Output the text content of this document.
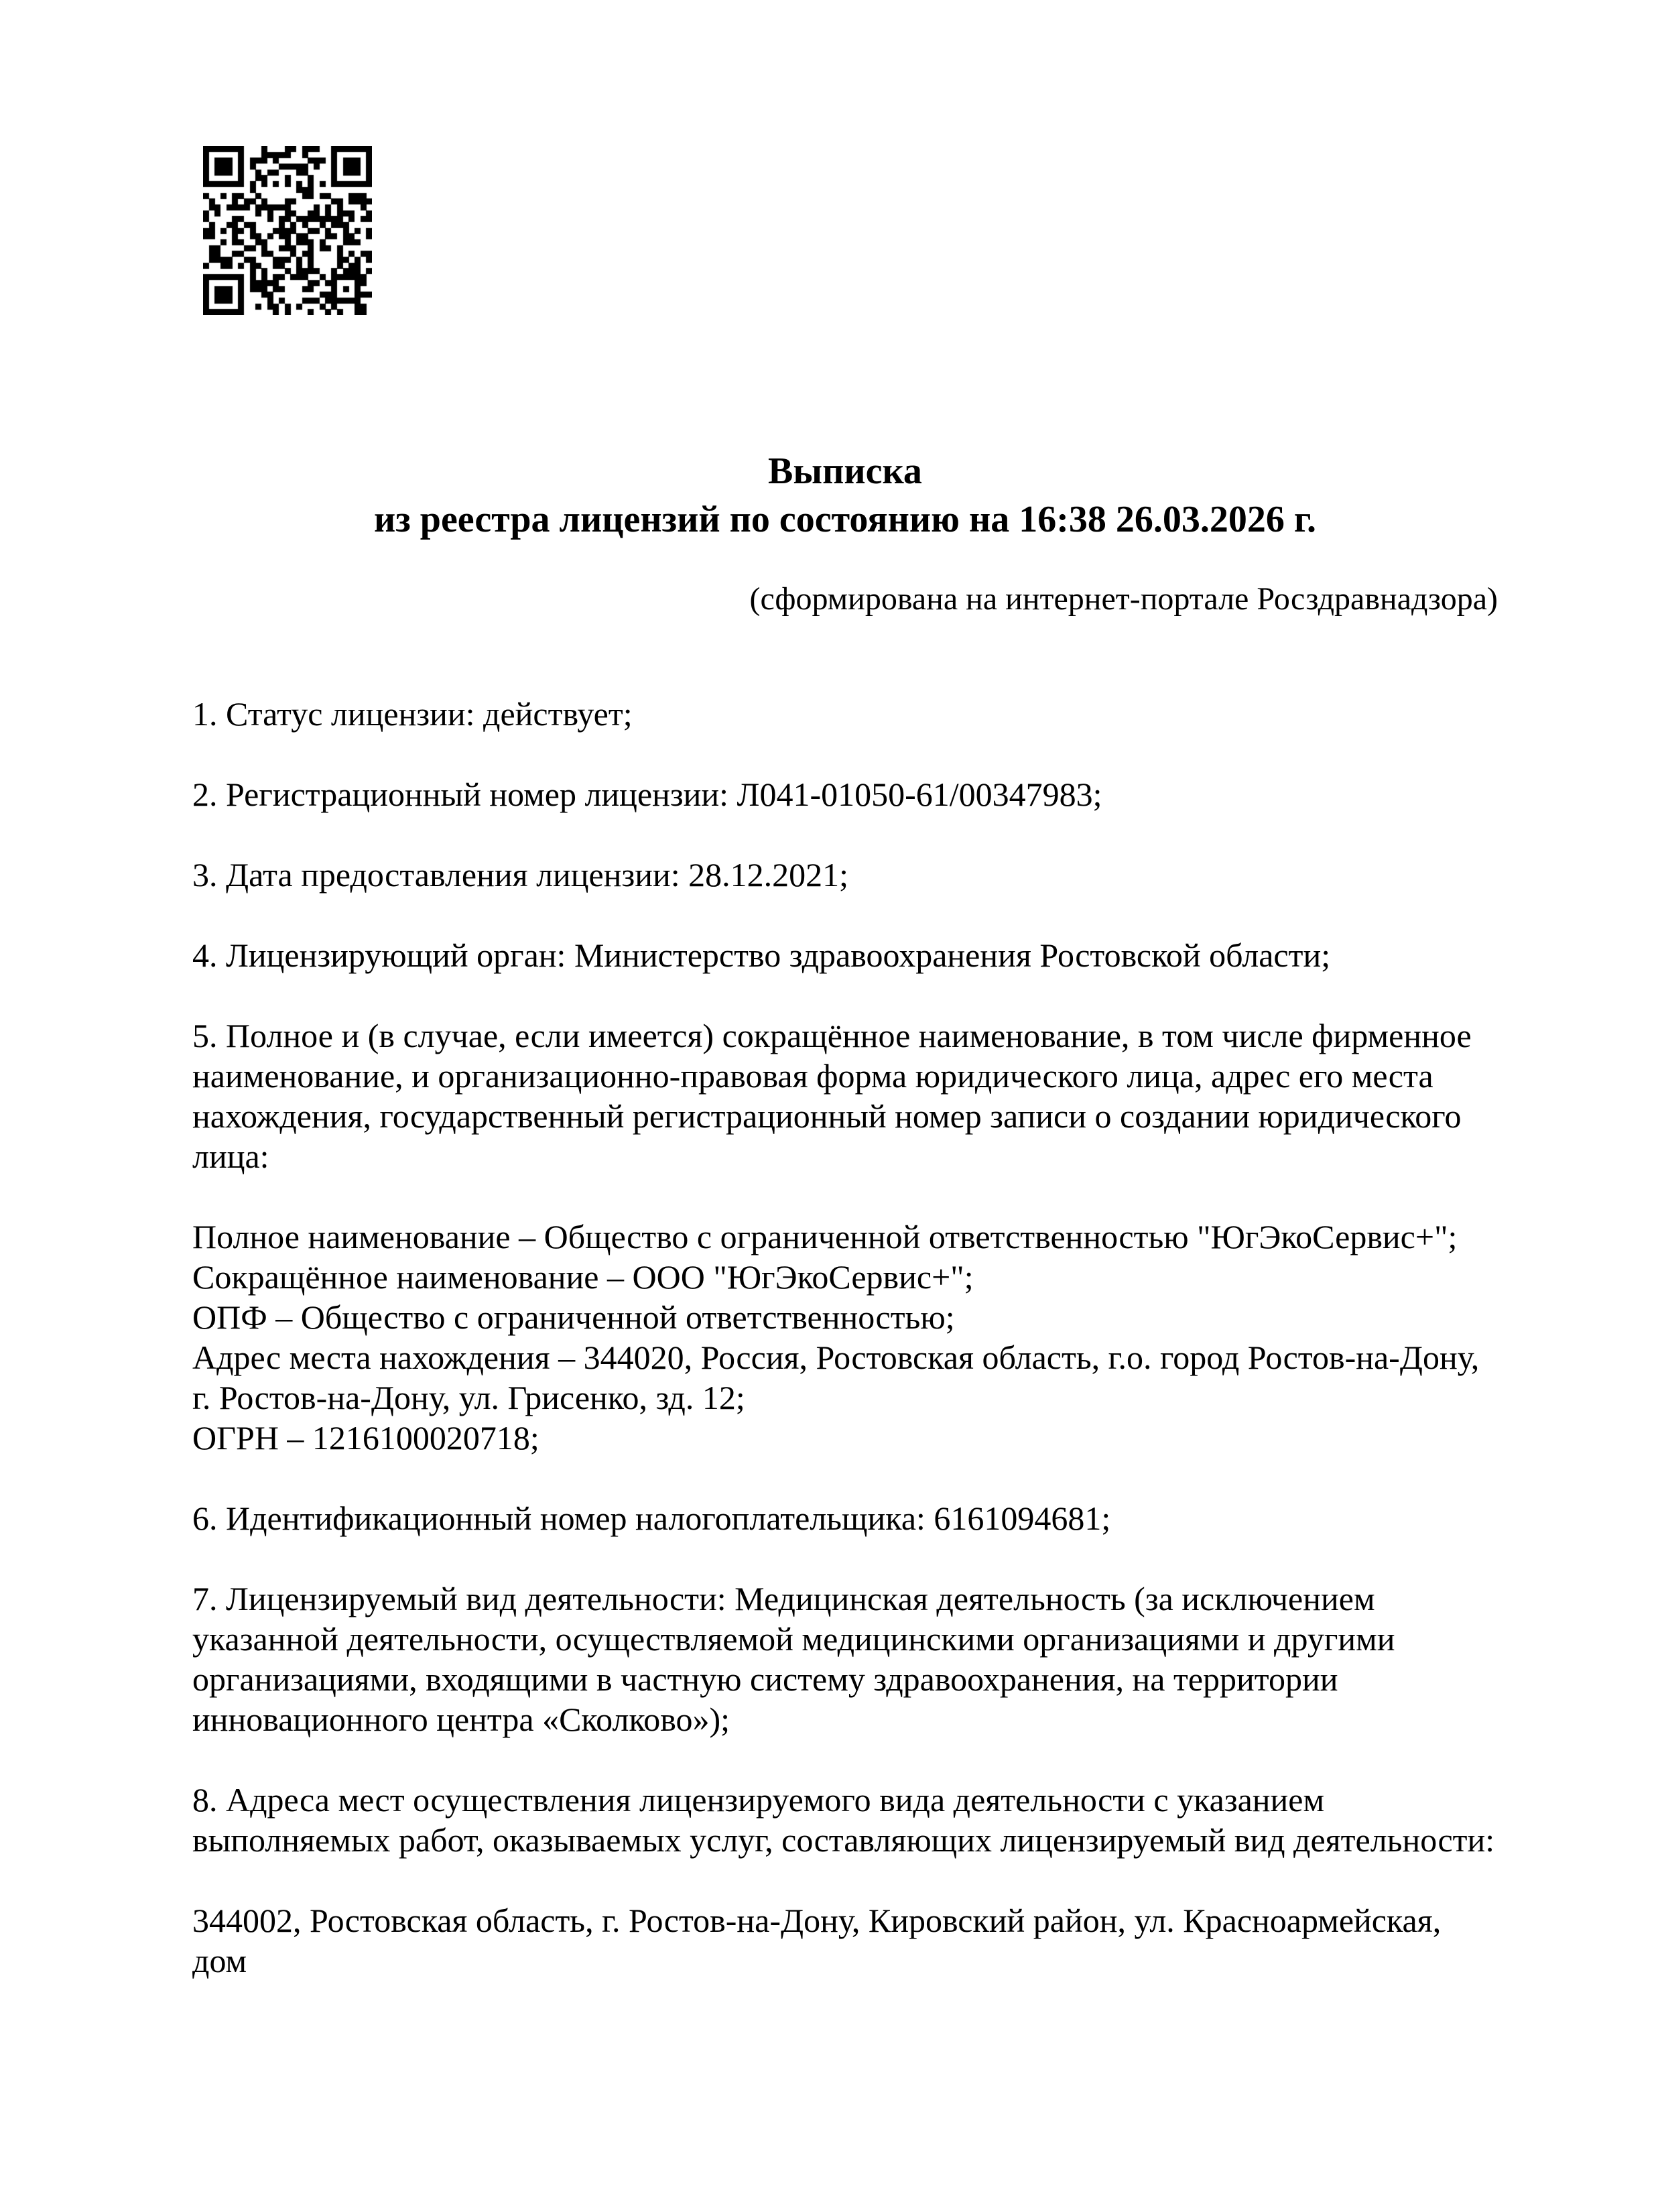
Выписка
из реестра лицензий по состоянию на 16:38 26.03.2026 г.
(сформирована на интернет-портале Росздравнадзора)

1. Статус лицензии: действует;

2. Регистрационный номер лицензии: Л041-01050-61/00347983;

3. Дата предоставления лицензии: 28.12.2021;

4. Лицензирующий орган: Министерство здравоохранения Ростовской области;

5. Полное и (в случае, если имеется) сокращённое наименование, в том числе фирменное наименование, и организационно-правовая форма юридического лица, адрес его места нахождения, государственный регистрационный номер записи о создании юридического лица:

Полное наименование – Общество с ограниченной ответственностью "ЮгЭкоСервис+";

Сокращённое наименование – ООО "ЮгЭкоСервис+";

ОПФ – Общество с ограниченной ответственностью;

Адрес места нахождения – 344020, Россия, Ростовская область, г.о. город Ростов-на-Дону, г. Ростов-на-Дону, ул. Грисенко, зд. 12;

ОГРН – 1216100020718;

6. Идентификационный номер налогоплательщика: 6161094681;

7. Лицензируемый вид деятельности: Медицинская деятельность (за исключением указанной деятельности, осуществляемой медицинскими организациями и другими организациями, входящими в частную систему здравоохранения, на территории инновационного центра «Сколково»);

8. Адреса мест осуществления лицензируемого вида деятельности с указанием выполняемых работ, оказываемых услуг, составляющих лицензируемый вид деятельности:

344002, Ростовская область, г. Ростов-на-Дону, Кировский район, ул. Красноармейская, дом
